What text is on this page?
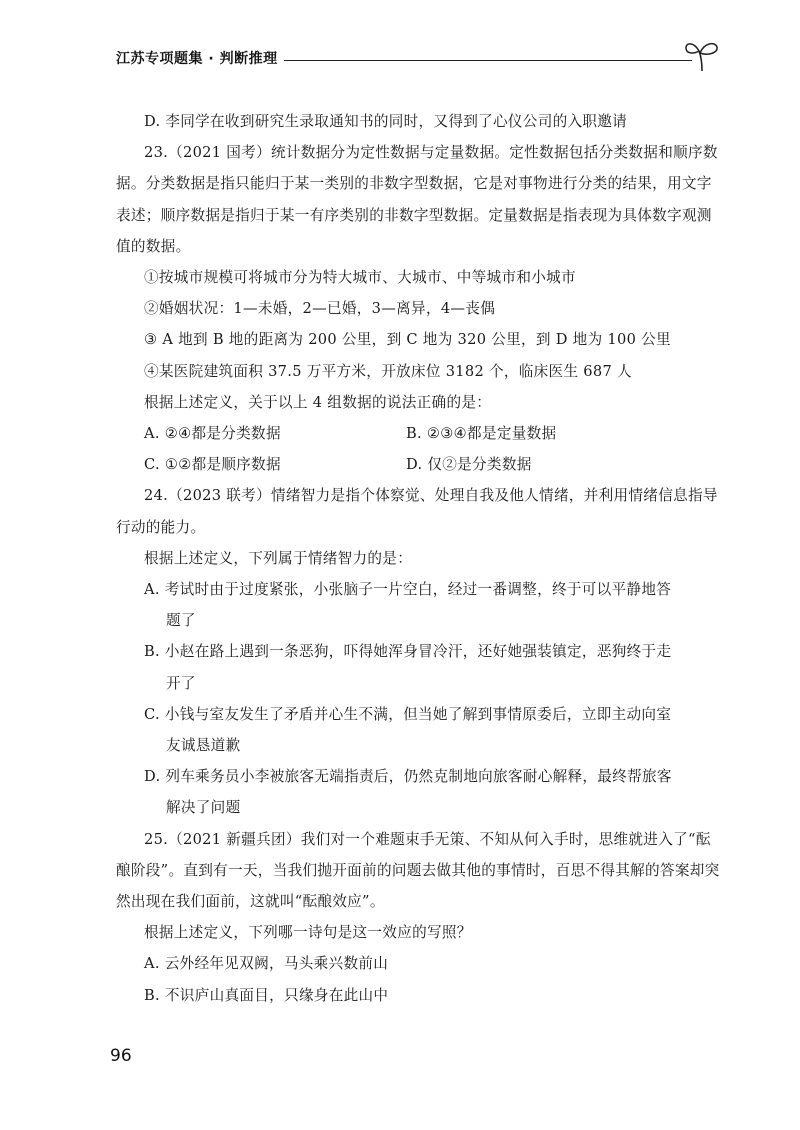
江苏专项题集 · 判断推理

D. 李同学在收到研究生录取通知书的同时，又得到了心仪公司的入职邀请

23.（2021 国考）统计数据分为定性数据与定量数据。定性数据包括分类数据和顺序数据。分类数据是指只能归于某一类别的非数字型数据，它是对事物进行分类的结果，用文字表述；顺序数据是指归于某一有序类别的非数字型数据。定量数据是指表现为具体数字观测值的数据。

①按城市规模可将城市分为特大城市、大城市、中等城市和小城市

②婚姻状况：1—未婚，2—已婚，3—离异，4—丧偶

③ A 地到 B 地的距离为 200 公里，到 C 地为 320 公里，到 D 地为 100 公里

④某医院建筑面积 37.5 万平方米，开放床位 3182 个，临床医生 687 人

根据上述定义，关于以上 4 组数据的说法正确的是：

A. ②④都是分类数据	B. ②③④都是定量数据
C. ①②都是顺序数据	D. 仅②是分类数据

24.（2023 联考）情绪智力是指个体察觉、处理自我及他人情绪，并利用情绪信息指导行动的能力。

根据上述定义，下列属于情绪智力的是：

A. 考试时由于过度紧张，小张脑子一片空白，经过一番调整，终于可以平静地答
题了
B. 小赵在路上遇到一条恶狗，吓得她浑身冒冷汗，还好她强装镇定，恶狗终于走
开了
C. 小钱与室友发生了矛盾并心生不满，但当她了解到事情原委后，立即主动向室
友诚恳道歉
D. 列车乘务员小李被旅客无端指责后，仍然克制地向旅客耐心解释，最终帮旅客
解决了问题

25.（2021 新疆兵团）我们对一个难题束手无策、不知从何入手时，思维就进入了“酝酿阶段”。直到有一天，当我们抛开面前的问题去做其他的事情时，百思不得其解的答案却突然出现在我们面前，这就叫“酝酿效应”。

根据上述定义，下列哪一诗句是这一效应的写照？

A. 云外经年见双阙，马头乘兴数前山

B. 不识庐山真面目，只缘身在此山中

96
